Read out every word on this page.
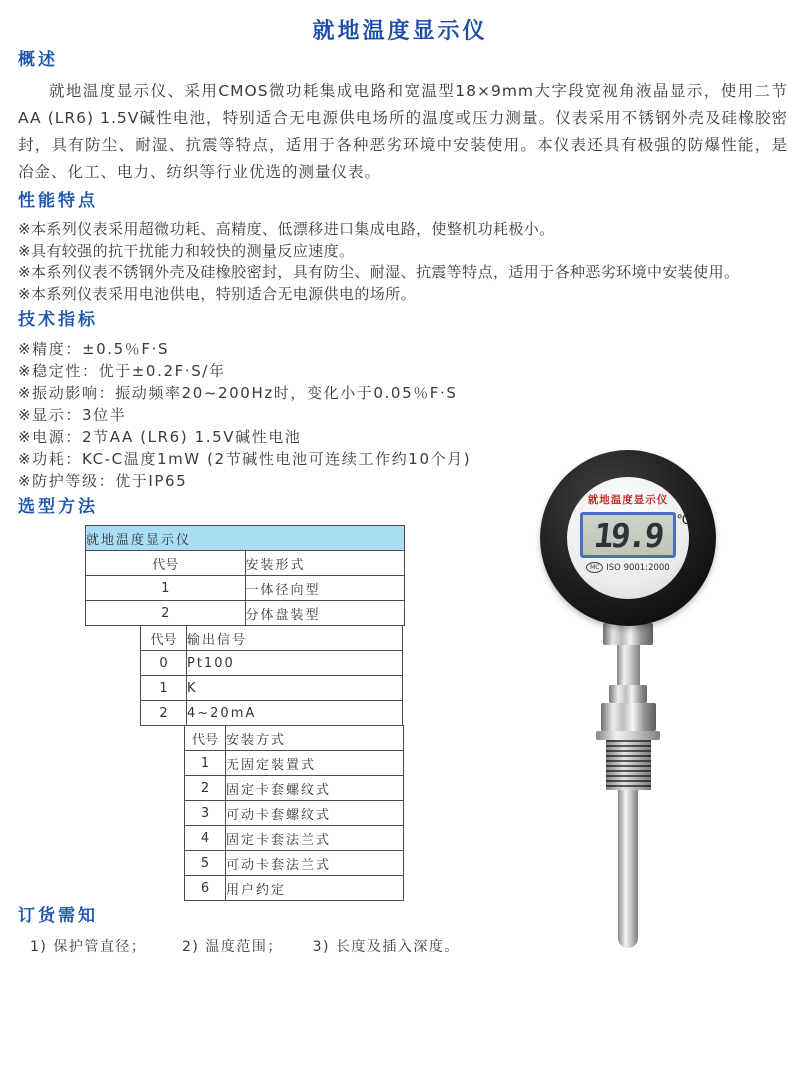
就地温度显示仪
概述

就地温度显示仪、采用CMOS微功耗集成电路和宽温型18×9mm大字段宽视角液晶显示，使用二节AA (LR6) 1.5V碱性电池，特别适合无电源供电场所的温度或压力测量。仪表采用不锈钢外壳及硅橡胶密封，具有防尘、耐湿、抗震等特点，适用于各种恶劣环境中安装使用。本仪表还具有极强的防爆性能，是冶金、化工、电力、纺织等行业优选的测量仪表。

性能特点
※本系列仪表采用超微功耗、高精度、低漂移进口集成电路，使整机功耗极小。
※具有较强的抗干扰能力和较快的测量反应速度。
※本系列仪表不锈钢外壳及硅橡胶密封，具有防尘、耐湿、抗震等特点，适用于各种恶劣环境中安装使用。
※本系列仪表采用电池供电，特别适合无电源供电的场所。
技术指标
※精度：±0.5％F·S
※稳定性：优于±0.2F·S/年
※振动影响：振动频率20~200Hz时，变化小于0.05％F·S
※显示：3位半
※电源：2节AA (LR6) 1.5V碱性电池
※功耗：KC-C温度1mW (2节碱性电池可连续工作约10个月)
※防护等级：优于IP65
选型方法
就地温度显示仪	
代号	安装形式
1	一体径向型
2	分体盘装型
代号	输出信号
0	Pt100
1	K
2	4~20mA
代号	安装方式
1	无固定装置式
2	固定卡套螺纹式
3	可动卡套螺纹式
4	固定卡套法兰式
5	可动卡套法兰式
6	用户约定
订货需知
1) 保护管直径；      2) 温度范围；     3) 长度及插入深度。
就地温度显示仪
19.9 ℃
MC ISO 9001:2000
